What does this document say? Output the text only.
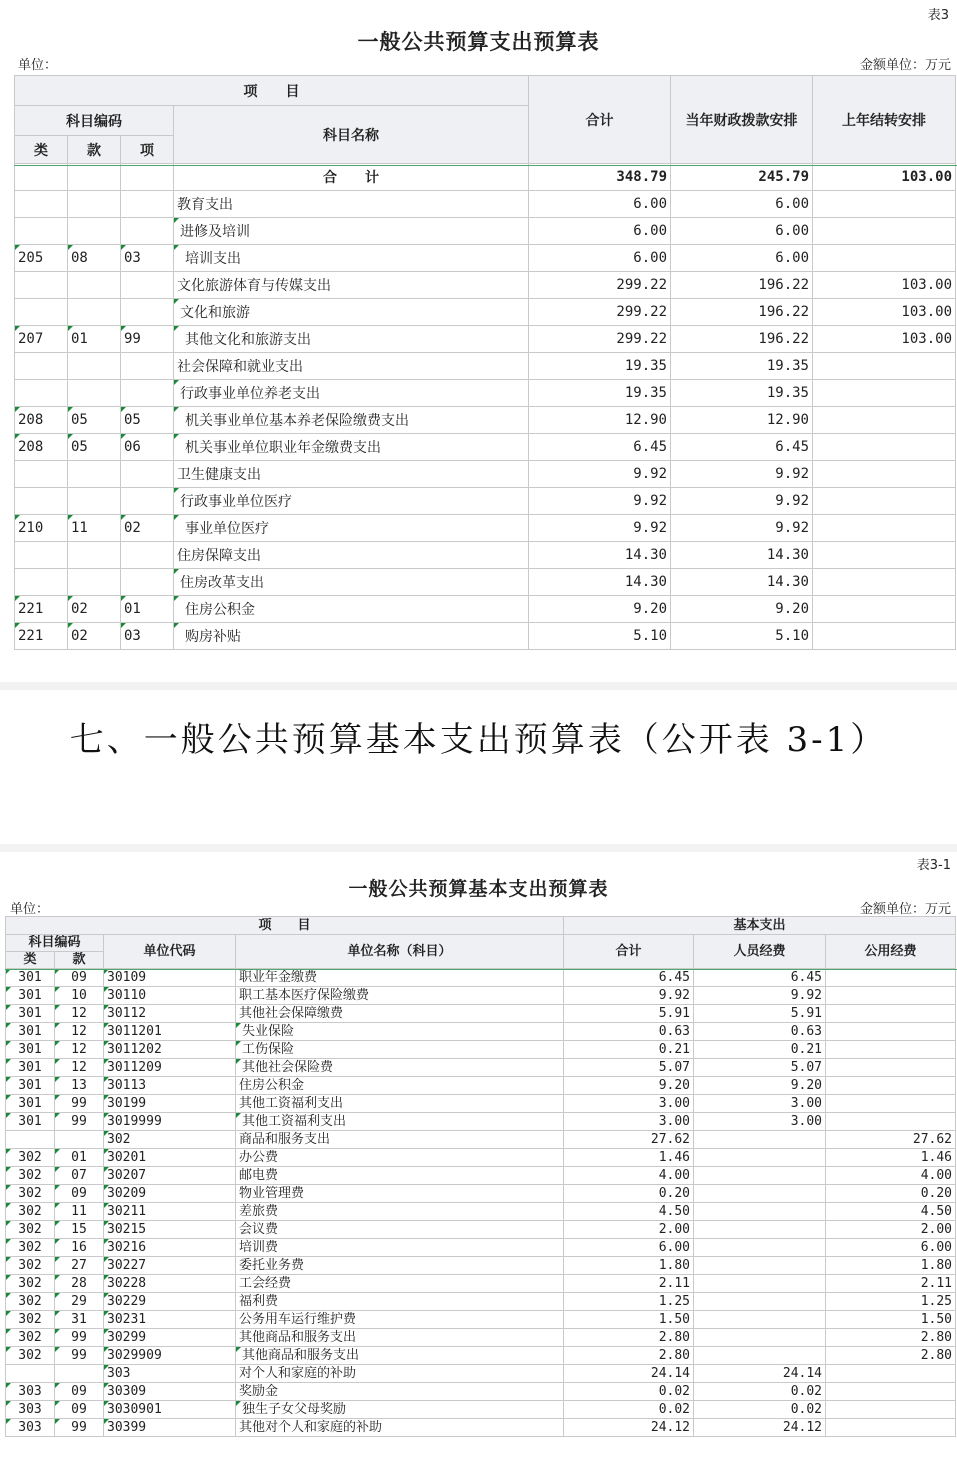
表3
一般公共预算支出预算表
单位：	金额单位：万元
项　　目				合计	当年财政拨款安排	上年结转安排
科目编码			科目名称			
类	款	项				
			合　　计	348.79	245.79	103.00
			教育支出	6.00	6.00	
			进修及培训	6.00	6.00	
205	08	03	培训支出	6.00	6.00	
			文化旅游体育与传媒支出	299.22	196.22	103.00
			文化和旅游	299.22	196.22	103.00
207	01	99	其他文化和旅游支出	299.22	196.22	103.00
			社会保障和就业支出	19.35	19.35	
			行政事业单位养老支出	19.35	19.35	
208	05	05	机关事业单位基本养老保险缴费支出	12.90	12.90	
208	05	06	机关事业单位职业年金缴费支出	6.45	6.45	
			卫生健康支出	9.92	9.92	
			行政事业单位医疗	9.92	9.92	
210	11	02	事业单位医疗	9.92	9.92	
			住房保障支出	14.30	14.30	
			住房改革支出	14.30	14.30	
221	02	01	住房公积金	9.20	9.20	
221	02	03	购房补贴	5.10	5.10	
七、一般公共预算基本支出预算表（公开表 3-1）
表3-1
一般公共预算基本支出预算表
单位：	金额单位：万元
项　　目				基本支出		
科目编码		单位代码	单位名称（科目）	合计	人员经费	公用经费
类	款					
301	09	30109	职业年金缴费	6.45	6.45	
301	10	30110	职工基本医疗保险缴费	9.92	9.92	
301	12	30112	其他社会保障缴费	5.91	5.91	
301	12	3011201	失业保险	0.63	0.63	
301	12	3011202	工伤保险	0.21	0.21	
301	12	3011209	其他社会保险费	5.07	5.07	
301	13	30113	住房公积金	9.20	9.20	
301	99	30199	其他工资福利支出	3.00	3.00	
301	99	3019999	其他工资福利支出	3.00	3.00	
		302	商品和服务支出	27.62		27.62
302	01	30201	办公费	1.46		1.46
302	07	30207	邮电费	4.00		4.00
302	09	30209	物业管理费	0.20		0.20
302	11	30211	差旅费	4.50		4.50
302	15	30215	会议费	2.00		2.00
302	16	30216	培训费	6.00		6.00
302	27	30227	委托业务费	1.80		1.80
302	28	30228	工会经费	2.11		2.11
302	29	30229	福利费	1.25		1.25
302	31	30231	公务用车运行维护费	1.50		1.50
302	99	30299	其他商品和服务支出	2.80		2.80
302	99	3029909	其他商品和服务支出	2.80		2.80
		303	对个人和家庭的补助	24.14	24.14	
303	09	30309	奖励金	0.02	0.02	
303	09	3030901	独生子女父母奖励	0.02	0.02	
303	99	30399	其他对个人和家庭的补助	24.12	24.12	
